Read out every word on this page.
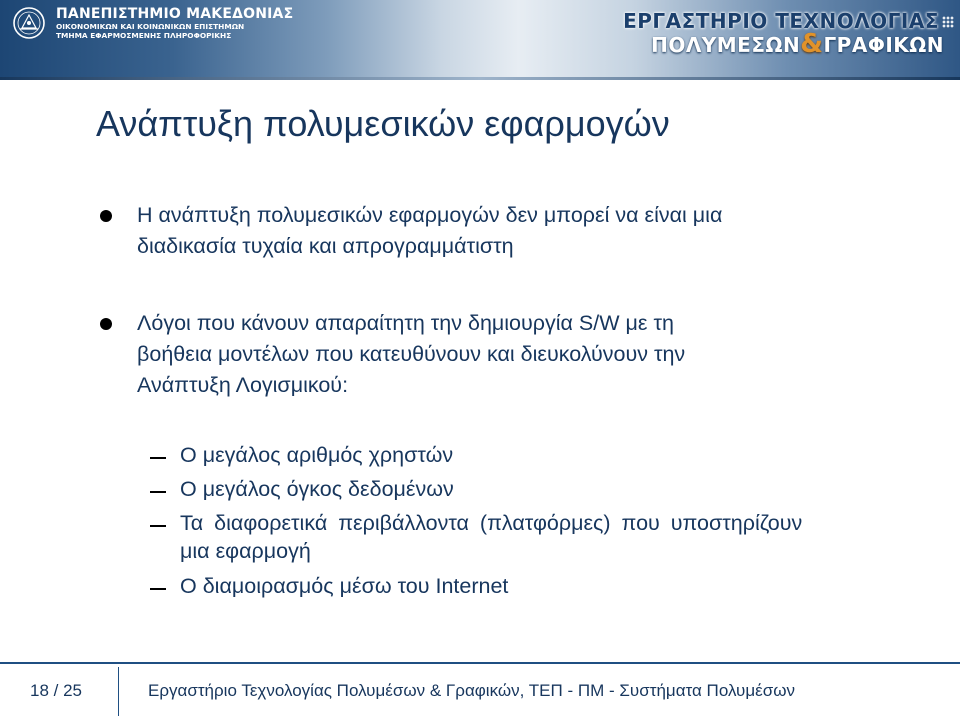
ΠΑΝΕΠΙΣΤΗΜΙΟ ΜΑΚΕΔΟΝΙΑΣ
ΟΙΚΟΝΟΜΙΚΩΝ ΚΑΙ ΚΟΙΝΩΝΙΚΩΝ ΕΠΙΣΤΗΜΩΝ
ΤΜΗΜΑ ΕΦΑΡΜΟΣΜΕΝΗΣ ΠΛΗΡΟΦΟΡΙΚΗΣ
ΕΡΓΑΣΤΗΡΙΟ ΤΕΧΝΟΛΟΓΙΑΣ
ΠΟΛΥΜΕΣΩΝ&ΓΡΑΦΙΚΩΝ
Ανάπτυξη πολυμεσικών εφαρμογών
Η ανάπτυξη πολυμεσικών εφαρμογών δεν μπορεί να είναι μια
διαδικασία τυχαία και απρογραμμάτιστη
Λόγοι που κάνουν απαραίτητη την δημιουργία S/W με τη
βοήθεια μοντέλων που κατευθύνουν και διευκολύνουν την
Ανάπτυξη Λογισμικού:
Ο μεγάλος αριθμός χρηστών
Ο μεγάλος όγκος δεδομένων
Τα διαφορετικά περιβάλλοντα (πλατφόρμες) που υποστηρίζουν
μια εφαρμογή
Ο διαμοιρασμός μέσω του Internet
18 / 25	Εργαστήριο Τεχνολογίας Πολυμέσων & Γραφικών, ΤΕΠ - ΠΜ - Συστήματα Πολυμέσων
